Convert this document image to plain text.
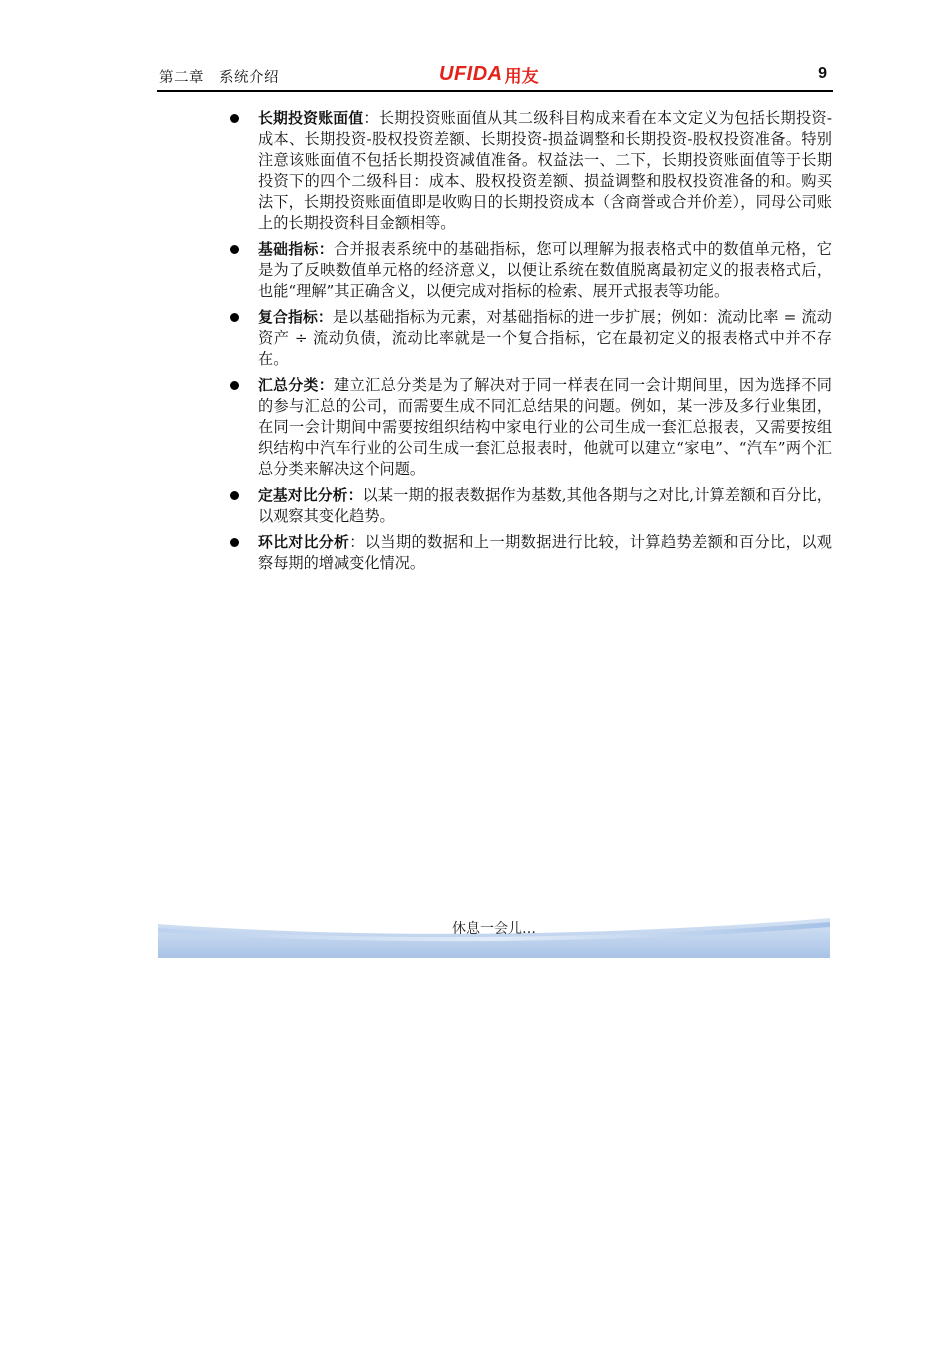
第二章　系统介绍	UFIDA 用友	9
长期投资账面值：长期投资账面值从其二级科目构成来看在本文定义为包括长期投资-成本、长期投资-股权投资差额、长期投资-损益调整和长期投资-股权投资准备。特别注意该账面值不包括长期投资减值准备。权益法一、二下，长期投资账面值等于长期投资下的四个二级科目：成本、股权投资差额、损益调整和股权投资准备的和。购买法下，长期投资账面值即是收购日的长期投资成本（含商誉或合并价差），同母公司账上的长期投资科目金额相等。
基础指标：合并报表系统中的基础指标，您可以理解为报表格式中的数值单元格，它是为了反映数值单元格的经济意义，以便让系统在数值脱离最初定义的报表格式后，也能“理解”其正确含义，以便完成对指标的检索、展开式报表等功能。
复合指标：是以基础指标为元素，对基础指标的进一步扩展；例如：流动比率 = 流动资产 ÷ 流动负债，流动比率就是一个复合指标，它在最初定义的报表格式中并不存在。
汇总分类：建立汇总分类是为了解决对于同一样表在同一会计期间里，因为选择不同的参与汇总的公司，而需要生成不同汇总结果的问题。例如，某一涉及多行业集团，在同一会计期间中需要按组织结构中家电行业的公司生成一套汇总报表，又需要按组织结构中汽车行业的公司生成一套汇总报表时，他就可以建立“家电”、“汽车”两个汇总分类来解决这个问题。
定基对比分析：以某一期的报表数据作为基数,其他各期与之对比,计算差额和百分比，以观察其变化趋势。
环比对比分析：以当期的数据和上一期数据进行比较，计算趋势差额和百分比，以观察每期的增减变化情况。
休息一会儿…
